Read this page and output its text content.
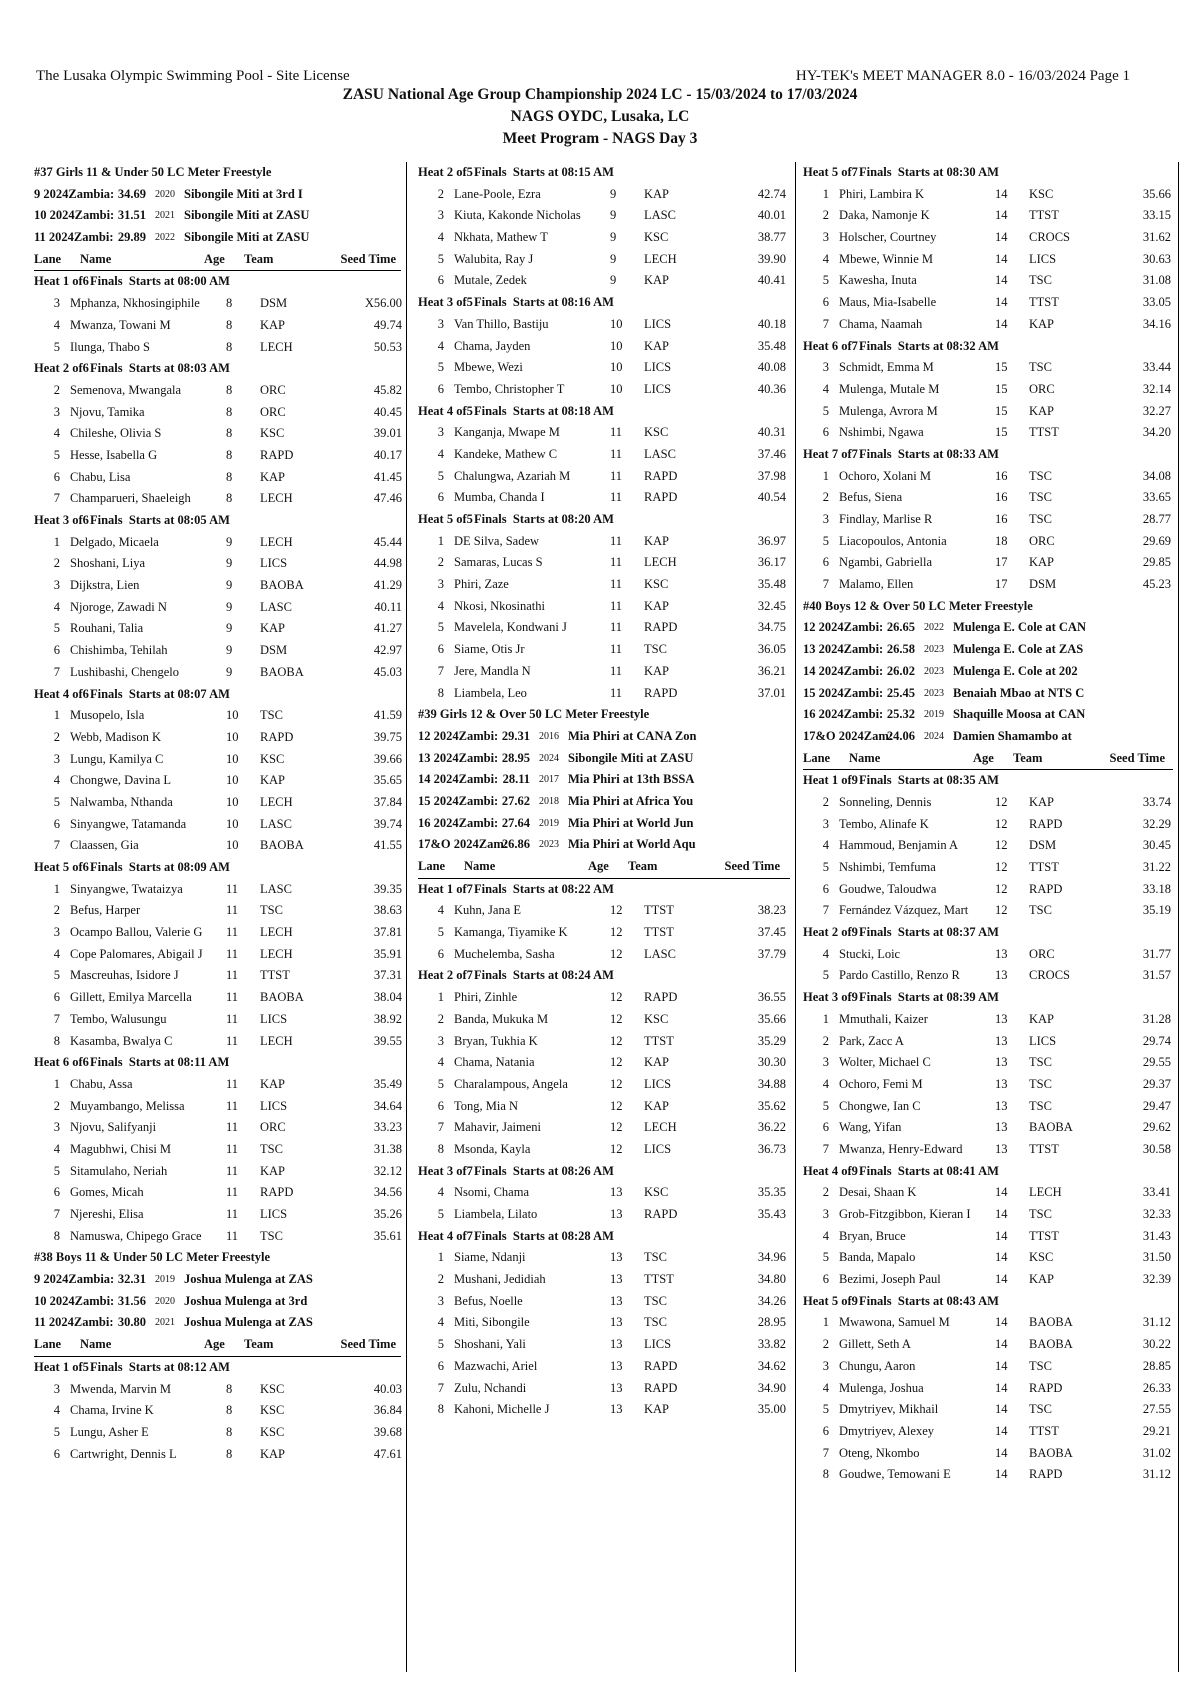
The Lusaka Olympic Swimming Pool - Site License	HY-TEK's MEET MANAGER 8.0 - 16/03/2024 Page 1
ZASU National Age Group Championship 2024 LC - 15/03/2024 to 17/03/2024
NAGS OYDC, Lusaka, LC
Meet Program - NAGS Day 3
#37 Girls 11 & Under 50 LC Meter Freestyle
9 2024Zambia: 34.69 2020 Sibongile Miti at 3rd I
10 2024Zambi: 31.51 2021 Sibongile Miti at ZASU
11 2024Zambi: 29.89 2022 Sibongile Miti at ZASU
Lane Name	Age Team	Seed Time
Heat 1 of6Finals Starts at 08:00 AM
3 Mphanza, Nkhosingiphile 8 DSM	X56.00
4 Mwanza, Towani M	8 KAP	49.74
5 Ilunga, Thabo S	8 LECH	50.53
Heat 2 of6Finals Starts at 08:03 AM
2 Semenova, Mwangala	8 ORC	45.82
3 Njovu, Tamika	8 ORC	40.45
4 Chileshe, Olivia S	8 KSC	39.01
5 Hesse, Isabella G	8 RAPD	40.17
6 Chabu, Lisa	8 KAP	41.45
7 Champarueri, Shaeleigh	8 LECH	47.46
Heat 3 of6Finals Starts at 08:05 AM
1 Delgado, Micaela	9 LECH	45.44
2 Shoshani, Liya	9 LICS	44.98
3 Dijkstra, Lien	9 BAOBA	41.29
4 Njoroge, Zawadi N	9 LASC	40.11
5 Rouhani, Talia	9 KAP	41.27
6 Chishimba, Tehilah	9 DSM	42.97
7 Lushibashi, Chengelo	9 BAOBA	45.03
Heat 4 of6Finals Starts at 08:07 AM
1 Musopelo, Isla	10 TSC	41.59
2 Webb, Madison K	10 RAPD	39.75
3 Lungu, Kamilya C	10 KSC	39.66
4 Chongwe, Davina L	10 KAP	35.65
5 Nalwamba, Nthanda	10 LECH	37.84
6 Sinyangwe, Tatamanda	10 LASC	39.74
7 Claassen, Gia	10 BAOBA	41.55
Heat 5 of6Finals Starts at 08:09 AM
1 Sinyangwe, Twataizya	11 LASC	39.35
2 Befus, Harper	11 TSC	38.63
3 Ocampo Ballou, Valerie G 11 LECH	37.81
4 Cope Palomares, Abigail J 11 LECH	35.91
5 Mascreuhas, Isidore J	11 TTST	37.31
6 Gillett, Emilya Marcella	11 BAOBA	38.04
7 Tembo, Walusungu	11 LICS	38.92
8 Kasamba, Bwalya C	11 LECH	39.55
Heat 6 of6Finals Starts at 08:11 AM
1 Chabu, Assa	11 KAP	35.49
2 Muyambango, Melissa	11 LICS	34.64
3 Njovu, Salifyanji	11 ORC	33.23
4 Magubhwi, Chisi M	11 TSC	31.38
5 Sitamulaho, Neriah	11 KAP	32.12
6 Gomes, Micah	11 RAPD	34.56
7 Njereshi, Elisa	11 LICS	35.26
8 Namuswa, Chipego Grace 11 TSC	35.61
#38 Boys 11 & Under 50 LC Meter Freestyle
9 2024Zambia: 32.31 2019 Joshua Mulenga at ZAS
10 2024Zambi: 31.56 2020 Joshua Mulenga at 3rd
11 2024Zambi: 30.80 2021 Joshua Mulenga at ZAS
Lane Name	Age Team	Seed Time
Heat 1 of5Finals Starts at 08:12 AM
3 Mwenda, Marvin M	8 KSC	40.03
4 Chama, Irvine K	8 KSC	36.84
5 Lungu, Asher E	8 KSC	39.68
6 Cartwright, Dennis L	8 KAP	47.61
Heat 2 of5Finals Starts at 08:15 AM
2 Lane-Poole, Ezra	9 KAP	42.74
3 Kiuta, Kakonde Nicholas 9 LASC	40.01
4 Nkhata, Mathew T	9 KSC	38.77
5 Walubita, Ray J	9 LECH	39.90
6 Mutale, Zedek	9 KAP	40.41
Heat 3 of5Finals Starts at 08:16 AM
3 Van Thillo, Bastiju	10 LICS	40.18
4 Chama, Jayden	10 KAP	35.48
5 Mbewe, Wezi	10 LICS	40.08
6 Tembo, Christopher T	10 LICS	40.36
Heat 4 of5Finals Starts at 08:18 AM
3 Kanganja, Mwape M	11 KSC	40.31
4 Kandeke, Mathew C	11 LASC	37.46
5 Chalungwa, Azariah M	11 RAPD	37.98
6 Mumba, Chanda I	11 RAPD	40.54
Heat 5 of5Finals Starts at 08:20 AM
1 DE Silva, Sadew	11 KAP	36.97
2 Samaras, Lucas S	11 LECH	36.17
3 Phiri, Zaze	11 KSC	35.48
4 Nkosi, Nkosinathi	11 KAP	32.45
5 Mavelela, Kondwani J	11 RAPD	34.75
6 Siame, Otis Jr	11 TSC	36.05
7 Jere, Mandla N	11 KAP	36.21
8 Liambela, Leo	11 RAPD	37.01
#39 Girls 12 & Over 50 LC Meter Freestyle
12 2024Zambi: 29.31 2016 Mia Phiri at CANA Zon
13 2024Zambi: 28.95 2024 Sibongile Miti at ZASU
14 2024Zambi: 28.11 2017 Mia Phiri at 13th BSSA
15 2024Zambi: 27.62 2018 Mia Phiri at Africa You
16 2024Zambi: 27.64 2019 Mia Phiri at World Jun
17&O 2024Zam:26.86 2023 Mia Phiri at World Aqu
Lane Name	Age Team	Seed Time
Heat 1 of7Finals Starts at 08:22 AM
4 Kuhn, Jana E	12 TTST	38.23
5 Kamanga, Tiyamike K	12 TTST	37.45
6 Muchelemba, Sasha	12 LASC	37.79
Heat 2 of7Finals Starts at 08:24 AM
1 Phiri, Zinhle	12 RAPD	36.55
2 Banda, Mukuka M	12 KSC	35.66
3 Bryan, Tukhia K	12 TTST	35.29
4 Chama, Natania	12 KAP	30.30
5 Charalampous, Angela	12 LICS	34.88
6 Tong, Mia N	12 KAP	35.62
7 Mahavir, Jaimeni	12 LECH	36.22
8 Msonda, Kayla	12 LICS	36.73
Heat 3 of7Finals Starts at 08:26 AM
4 Nsomi, Chama	13 KSC	35.35
5 Liambela, Lilato	13 RAPD	35.43
Heat 4 of7Finals Starts at 08:28 AM
1 Siame, Ndanji	13 TSC	34.96
2 Mushani, Jedidiah	13 TTST	34.80
3 Befus, Noelle	13 TSC	34.26
4 Miti, Sibongile	13 TSC	28.95
5 Shoshani, Yali	13 LICS	33.82
6 Mazwachi, Ariel	13 RAPD	34.62
7 Zulu, Nchandi	13 RAPD	34.90
8 Kahoni, Michelle J	13 KAP	35.00
Heat 5 of7Finals Starts at 08:30 AM
1 Phiri, Lambira K	14 KSC	35.66
2 Daka, Namonje K	14 TTST	33.15
3 Holscher, Courtney	14 CROCS	31.62
4 Mbewe, Winnie M	14 LICS	30.63
5 Kawesha, Inuta	14 TSC	31.08
6 Maus, Mia-Isabelle	14 TTST	33.05
7 Chama, Naamah	14 KAP	34.16
Heat 6 of7Finals Starts at 08:32 AM
3 Schmidt, Emma M	15 TSC	33.44
4 Mulenga, Mutale M	15 ORC	32.14
5 Mulenga, Avrora M	15 KAP	32.27
6 Nshimbi, Ngawa	15 TTST	34.20
Heat 7 of7Finals Starts at 08:33 AM
1 Ochoro, Xolani M	16 TSC	34.08
2 Befus, Siena	16 TSC	33.65
3 Findlay, Marlise R	16 TSC	28.77
5 Liacopoulos, Antonia	18 ORC	29.69
6 Ngambi, Gabriella	17 KAP	29.85
7 Malamo, Ellen	17 DSM	45.23
#40 Boys 12 & Over 50 LC Meter Freestyle
12 2024Zambi: 26.65 2022 Mulenga E. Cole at CAN
13 2024Zambi: 26.58 2023 Mulenga E. Cole at ZAS
14 2024Zambi: 26.02 2023 Mulenga E. Cole at 202
15 2024Zambi: 25.45 2023 Benaiah Mbao at NTS C
16 2024Zambi: 25.32 2019 Shaquille Moosa at CAN
17&O 2024Zam:24.06 2024 Damien Shamambo at
Lane Name	Age Team	Seed Time
Heat 1 of9Finals Starts at 08:35 AM
2 Sonneling, Dennis	12 KAP	33.74
3 Tembo, Alinafe K	12 RAPD	32.29
4 Hammoud, Benjamin A	12 DSM	30.45
5 Nshimbi, Temfuma	12 TTST	31.22
6 Goudwe, Taloudwa	12 RAPD	33.18
7 Fernández Vázquez, Mart 12 TSC	35.19
Heat 2 of9Finals Starts at 08:37 AM
4 Stucki, Loic	13 ORC	31.77
5 Pardo Castillo, Renzo R	13 CROCS	31.57
Heat 3 of9Finals Starts at 08:39 AM
1 Mmuthali, Kaizer	13 KAP	31.28
2 Park, Zacc A	13 LICS	29.74
3 Wolter, Michael C	13 TSC	29.55
4 Ochoro, Femi M	13 TSC	29.37
5 Chongwe, Ian C	13 TSC	29.47
6 Wang, Yifan	13 BAOBA	29.62
7 Mwanza, Henry-Edward	13 TTST	30.58
Heat 4 of9Finals Starts at 08:41 AM
2 Desai, Shaan K	14 LECH	33.41
3 Grob-Fitzgibbon, Kieran I 14 TSC	32.33
4 Bryan, Bruce	14 TTST	31.43
5 Banda, Mapalo	14 KSC	31.50
6 Bezimi, Joseph Paul	14 KAP	32.39
Heat 5 of9Finals Starts at 08:43 AM
1 Mwawona, Samuel M	14 BAOBA	31.12
2 Gillett, Seth A	14 BAOBA	30.22
3 Chungu, Aaron	14 TSC	28.85
4 Mulenga, Joshua	14 RAPD	26.33
5 Dmytriyev, Mikhail	14 TSC	27.55
6 Dmytriyev, Alexey	14 TTST	29.21
7 Oteng, Nkombo	14 BAOBA	31.02
8 Goudwe, Temowani E	14 RAPD	31.12
